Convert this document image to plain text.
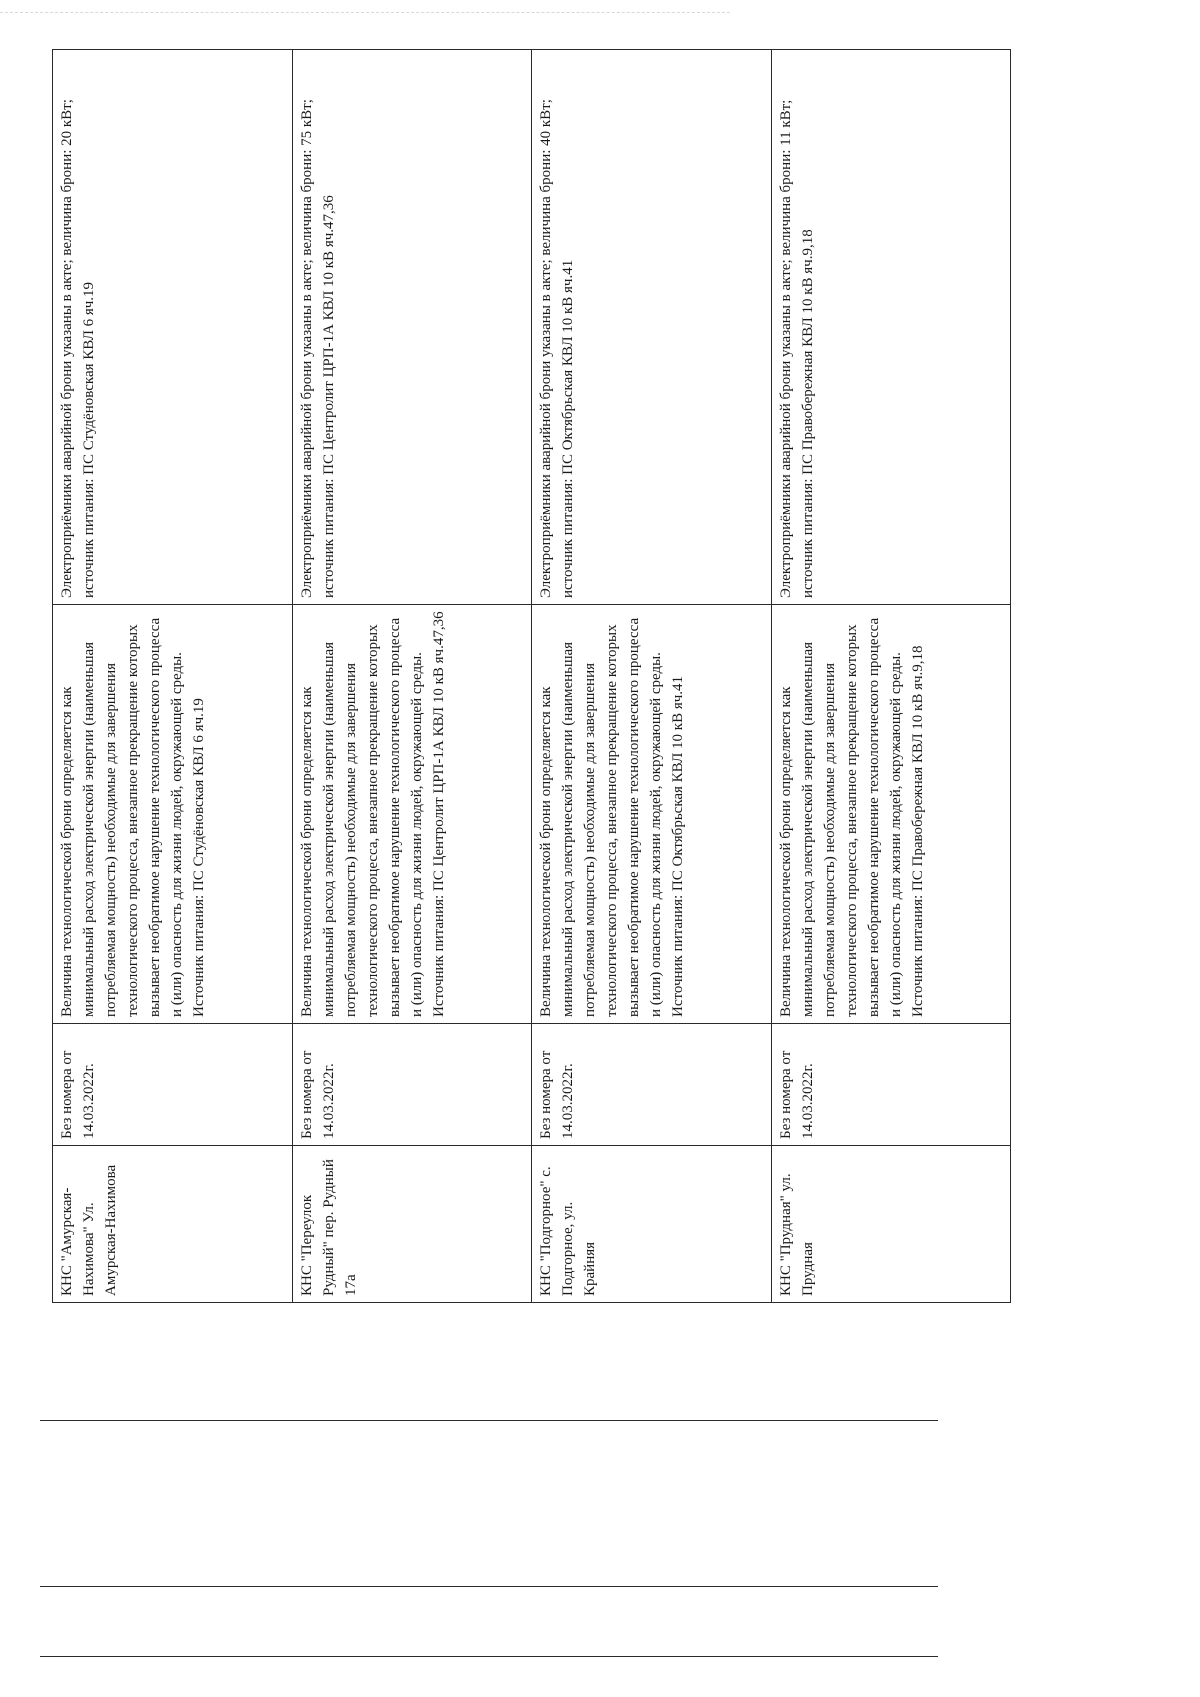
КНС "Амурская-Нахимова" Ул. Амурская-Нахимова	Без номера от 14.03.2022г.	Величина технологической брони определяется как минимальный расход электрической энергии (наименьшая потребляемая мощность) необходимые для завершения технологического процесса, внезапное прекращение которых вызывает необратимое нарушение технологического процесса и (или) опасность для жизни людей, окружающей среды. Источник питания: ПС Студёновская КВЛ 6 яч.19	Электроприёмники аварийной брони указаны в акте; величина брони: 20 кВт; источник питания: ПС Студёновская КВЛ 6 яч.19

КНС "Переулок Рудный" пер. Рудный 17а	Без номера от 14.03.2022г.	Величина технологической брони определяется как минимальный расход электрической энергии (наименьшая потребляемая мощность) необходимые для завершения технологического процесса, внезапное прекращение которых вызывает необратимое нарушение технологического процесса и (или) опасность для жизни людей, окружающей среды. Источник питания: ПС Центролит ЦРП-1А КВЛ 10 кВ яч.47,36	Электроприёмники аварийной брони указаны в акте; величина брони: 75 кВт; источник питания: ПС Центролит ЦРП-1А КВЛ 10 кВ яч.47,36

КНС "Подгорное" с. Подгорное, ул. Крайняя	Без номера от 14.03.2022г.	Величина технологической брони определяется как минимальный расход электрической энергии (наименьшая потребляемая мощность) необходимые для завершения технологического процесса, внезапное прекращение которых вызывает необратимое нарушение технологического процесса и (или) опасность для жизни людей, окружающей среды. Источник питания: ПС Октябрьская КВЛ 10 кВ яч.41	Электроприёмники аварийной брони указаны в акте; величина брони: 40 кВт; источник питания: ПС Октябрьская КВЛ 10 кВ яч.41

КНС "Прудная" ул. Прудная	Без номера от 14.03.2022г.	Величина технологической брони определяется как минимальный расход электрической энергии (наименьшая потребляемая мощность) необходимые для завершения технологического процесса, внезапное прекращение которых вызывает необратимое нарушение технологического процесса и (или) опасность для жизни людей, окружающей среды. Источник питания: ПС Правобережная КВЛ 10 кВ яч.9,18	Электроприёмники аварийной брони указаны в акте; величина брони: 11 кВт; источник питания: ПС Правобережная КВЛ 10 кВ яч.9,18
